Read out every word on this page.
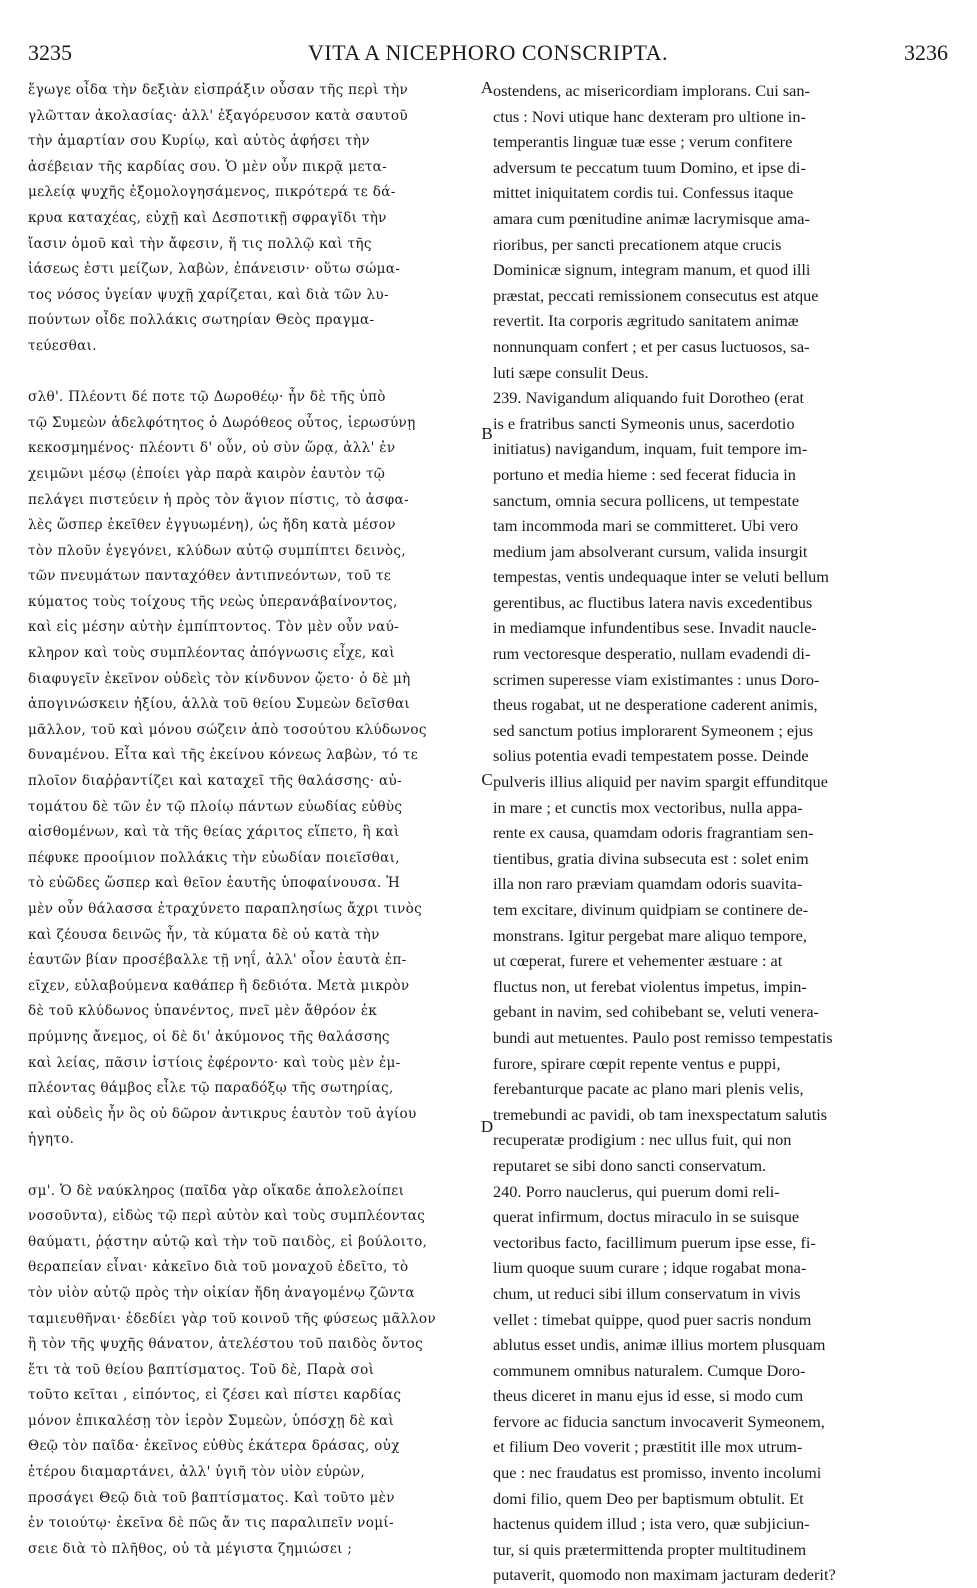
3235	VITA A NICEPHORO CONSCRIPTA.	3236
ἔγωγε οἶδα τὴν δεξιὰν εἰσπράξιν οὖσαν τῆς περὶ τὴν
γλῶτταν ἀκολασίας· ἀλλ' ἐξαγόρευσον κατὰ σαυτοῦ
τὴν ἁμαρτίαν σου Κυρίῳ, καὶ αὐτὸς ἀφήσει τὴν
ἀσέβειαν τῆς καρδίας σου. Ὁ μὲν οὖν πικρᾷ μετα-
μελείᾳ ψυχῆς ἐξομολογησάμενος, πικρότερά τε δά-
κρυα καταχέας, εὐχῇ καὶ Δεσποτικῇ σφραγῖδι τὴν
ἴασιν ὁμοῦ καὶ τὴν ἄφεσιν, ἥ τις πολλῷ καὶ τῆς
ἰάσεως ἐστι μείζων, λαβὼν, ἐπάνεισιν· οὕτω σώμα-
τος νόσος ὑγείαν ψυχῇ χαρίζεται, καὶ διὰ τῶν λυ-
πούντων οἶδε πολλάκις σωτηρίαν Θεὸς πραγμα-
τεύεσθαι.
σλθ'. Πλέοντι δέ ποτε τῷ Δωροθέῳ· ἦν δὲ τῆς ὑπὸ
τῷ Συμεὼν ἀδελφότητος ὁ Δωρόθεος οὗτος, ἱερωσύνῃ
κεκοσμημένος· πλέοντι δ' οὖν, οὐ σὺν ὥρᾳ, ἀλλ' ἐν
χειμῶνι μέσῳ (ἐποίει γὰρ παρὰ καιρὸν ἑαυτὸν τῷ
πελάγει πιστεύειν ἡ πρὸς τὸν ἅγιον πίστις, τὸ ἀσφα-
λὲς ὥσπερ ἐκεῖθεν ἐγγυωμένη), ὡς ἤδη κατὰ μέσον
τὸν πλοῦν ἐγεγόνει, κλύδων αὐτῷ συμπίπτει δεινὸς,
τῶν πνευμάτων πανταχόθεν ἀντιπνεόντων, τοῦ τε
κύματος τοὺς τοίχους τῆς νεὼς ὑπερανάβαίνοντος,
καὶ εἰς μέσην αὐτὴν ἐμπίπτοντος. Τὸν μὲν οὖν ναύ-
κληρον καὶ τοὺς συμπλέοντας ἀπόγνωσις εἶχε, καὶ
διαφυγεῖν ἐκεῖνον οὐδεὶς τὸν κίνδυνον ᾤετο· ὁ δὲ μὴ
ἀπογινώσκειν ἠξίου, ἀλλὰ τοῦ θείου Συμεὼν δεῖσθαι
μᾶλλον, τοῦ καὶ μόνου σώζειν ἀπὸ τοσούτου κλύδωνος
δυναμένου. Εἶτα καὶ τῆς ἐκείνου κόνεως λαβὼν, τό τε
πλοῖον διαῤῥαντίζει καὶ καταχεῖ τῆς θαλάσσης· αὐ-
τομάτου δὲ τῶν ἐν τῷ πλοίῳ πάντων εὐωδίας εὐθὺς
αἰσθομένων, καὶ τὰ τῆς θείας χάριτος εἵπετο, ἣ καὶ
πέφυκε προοίμιον πολλάκις τὴν εὐωδίαν ποιεῖσθαι,
τὸ εὐῶδες ὥσπερ καὶ θεῖον ἑαυτῆς ὑποφαίνουσα. Ἡ
μὲν οὖν θάλασσα ἐτραχύνετο παραπλησίως ἄχρι τινὸς
καὶ ζέουσα δεινῶς ἦν, τὰ κύματα δὲ οὐ κατὰ τὴν
ἑαυτῶν βίαν προσέβαλλε τῇ νηΐ, ἀλλ' οἷον ἑαυτὰ ἐπ-
εῖχεν, εὐλαβούμενα καθάπερ ἢ δεδιότα. Μετὰ μικρὸν
δὲ τοῦ κλύδωνος ὑπανέντος, πνεῖ μὲν ἄθρόον ἐκ
πρύμνης ἄνεμος, οἱ δὲ δι' ἀκύμονος τῆς θαλάσσης
καὶ λείας, πᾶσιν ἱστίοις ἐφέροντο· καὶ τοὺς μὲν ἐμ-
πλέοντας θάμβος εἶλε τῷ παραδόξῳ τῆς σωτηρίας,
καὶ οὐδεὶς ἦν ὃς οὐ δῶρον ἀντικρυς ἑαυτὸν τοῦ ἁγίου
ἡγητο.
σμ'. Ὁ δὲ ναύκληρος (παῖδα γὰρ οἴκαδε ἀπολελοίπει
νοσοῦντα), εἰδὼς τῷ περὶ αὐτὸν καὶ τοὺς συμπλέοντας
θαύματι, ῥᾴστην αὐτῷ καὶ τὴν τοῦ παιδὸς, εἰ βούλοιτο,
θεραπείαν εἶναι· κἀκεῖνο διὰ τοῦ μοναχοῦ ἐδεῖτο, τὸ
τὸν υἱὸν αὐτῷ πρὸς τὴν οἰκίαν ἤδη ἀναγομένῳ ζῶντα
ταμιευθῆναι· ἐδεδίει γὰρ τοῦ κοινοῦ τῆς φύσεως μᾶλλον
ἢ τὸν τῆς ψυχῆς θάνατον, ἀτελέστου τοῦ παιδὸς ὄντος
ἔτι τὰ τοῦ θείου βαπτίσματος. Τοῦ δὲ, Παρὰ σοὶ
τοῦτο κεῖται , εἰπόντος, εἰ ζέσει καὶ πίστει καρδίας
μόνον ἐπικαλέσῃ τὸν ἱερὸν Συμεὼν, ὑπόσχῃ δὲ καὶ
Θεῷ τὸν παῖδα· ἐκεῖνος εὐθὺς ἑκάτερα δράσας, οὐχ
ἑτέρου διαμαρτάνει, ἀλλ' ὑγιῆ τὸν υἱὸν εὑρὼν,
προσάγει Θεῷ διὰ τοῦ βαπτίσματος. Καὶ τοῦτο μὲν
ἐν τοιούτῳ· ἐκεῖνα δὲ πῶς ἄν τις παραλιπεῖν νομί-
σειε διὰ τὸ πλῆθος, οὐ τὰ μέγιστα ζημιώσει ;
ostendens, ac misericordiam implorans. Cui san-
ctus : Novi utique hanc dexteram pro ultione in-
temperantis linguæ tuæ esse ; verum confitere
adversum te peccatum tuum Domino, et ipse di-
mittet iniquitatem cordis tui. Confessus itaque
amara cum pœnitudine animæ lacrymisque ama-
rioribus, per sancti precationem atque crucis
Dominicæ signum, integram manum, et quod illi
præstat, peccati remissionem consecutus est atque
revertit. Ita corporis ægritudo sanitatem animæ
nonnunquam confert ; et per casus luctuosos, sa-
luti sæpe consulit Deus.
239. Navigandum aliquando fuit Dorotheo (erat
is e fratribus sancti Symeonis unus, sacerdotio
initiatus) navigandum, inquam, fuit tempore im-
portuno et media hieme : sed fecerat fiducia in
sanctum, omnia secura pollicens, ut tempestate
tam incommoda mari se committeret. Ubi vero
medium jam absolverant cursum, valida insurgit
tempestas, ventis undequaque inter se veluti bellum
gerentibus, ac fluctibus latera navis excedentibus
in mediamque infundentibus sese. Invadit naucle-
rum vectoresque desperatio, nullam evadendi di-
scrimen superesse viam existimantes : unus Doro-
theus rogabat, ut ne desperatione caderent animis,
sed sanctum potius implorarent Symeonem ; ejus
solius potentia evadi tempestatem posse. Deinde
pulveris illius aliquid per navim spargit effunditque
in mare ; et cunctis mox vectoribus, nulla appa-
rente ex causa, quamdam odoris fragrantiam sen-
tientibus, gratia divina subsecuta est : solet enim
illa non raro præviam quamdam odoris suavita-
tem excitare, divinum quidpiam se continere de-
monstrans. Igitur pergebat mare aliquo tempore,
ut cœperat, furere et vehementer æstuare : at
fluctus non, ut ferebat violentus impetus, impin-
gebant in navim, sed cohibebant se, veluti venera-
bundi aut metuentes. Paulo post remisso tempestatis
furore, spirare cœpit repente ventus e puppi,
ferebanturque pacate ac plano mari plenis velis,
tremebundi ac pavidi, ob tam inexspectatum salutis
recuperatæ prodigium : nec ullus fuit, qui non
reputaret se sibi dono sancti conservatum.
240. Porro nauclerus, qui puerum domi reli-
querat infirmum, doctus miraculo in se suisque
vectoribus facto, facillimum puerum ipse esse, fi-
lium quoque suum curare ; idque rogabat mona-
chum, ut reduci sibi illum conservatum in vivis
vellet : timebat quippe, quod puer sacris nondum
ablutus esset undis, animæ illius mortem plusquam
communem omnibus naturalem. Cumque Doro-
theus diceret in manu ejus id esse, si modo cum
fervore ac fiducia sanctum invocaverit Symeonem,
et filium Deo voverit ; præstitit ille mox utrum-
que : nec fraudatus est promisso, invento incolumi
domi filio, quem Deo per baptismum obtulit. Et
hactenus quidem illud ; ista vero, quæ subjiciun-
tur, si quis prætermittenda propter multitudinem
putaverit, quomodo non maximam jacturam dederit?
A
B
C
D
